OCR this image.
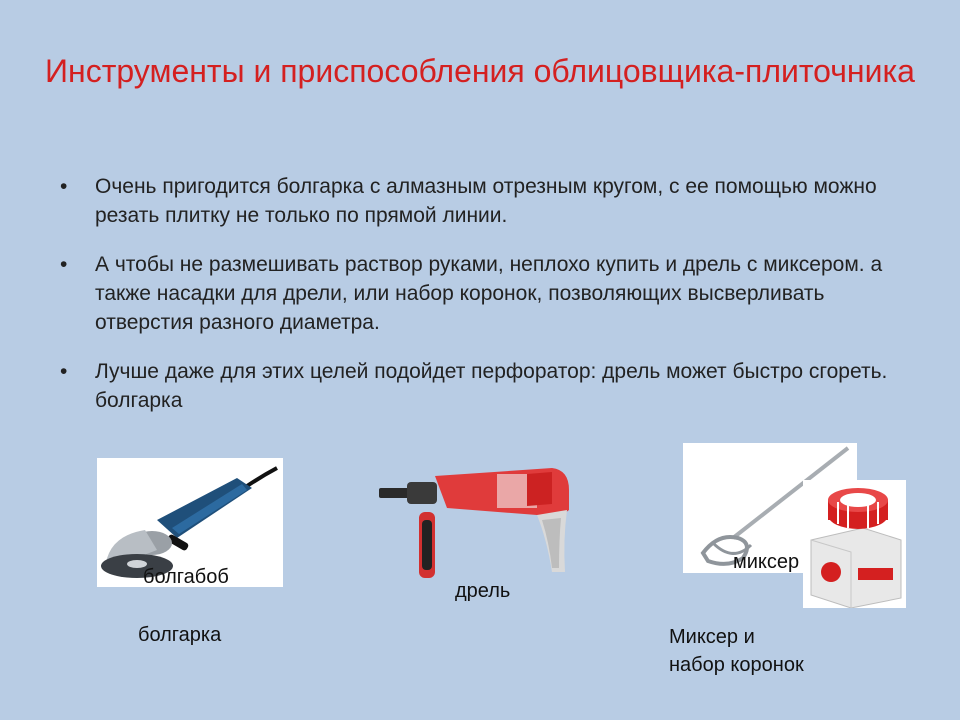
Инструменты и приспособления облицовщика-плиточника
• Очень пригодится болгарка с алмазным отрезным кругом, с ее помощью можно резать плитку не только по прямой линии.
• А чтобы не размешивать раствор руками, неплохо купить и дрель с миксером. а также насадки для дрели, или набор коронок, позволяющих высверливать отверстия разного диаметра.
• Лучше даже для этих целей подойдет перфоратор: дрель может быстро сгореть. болгарка
болгабоб
миксер
дрель
болгарка	Миксер и
набор коронок
